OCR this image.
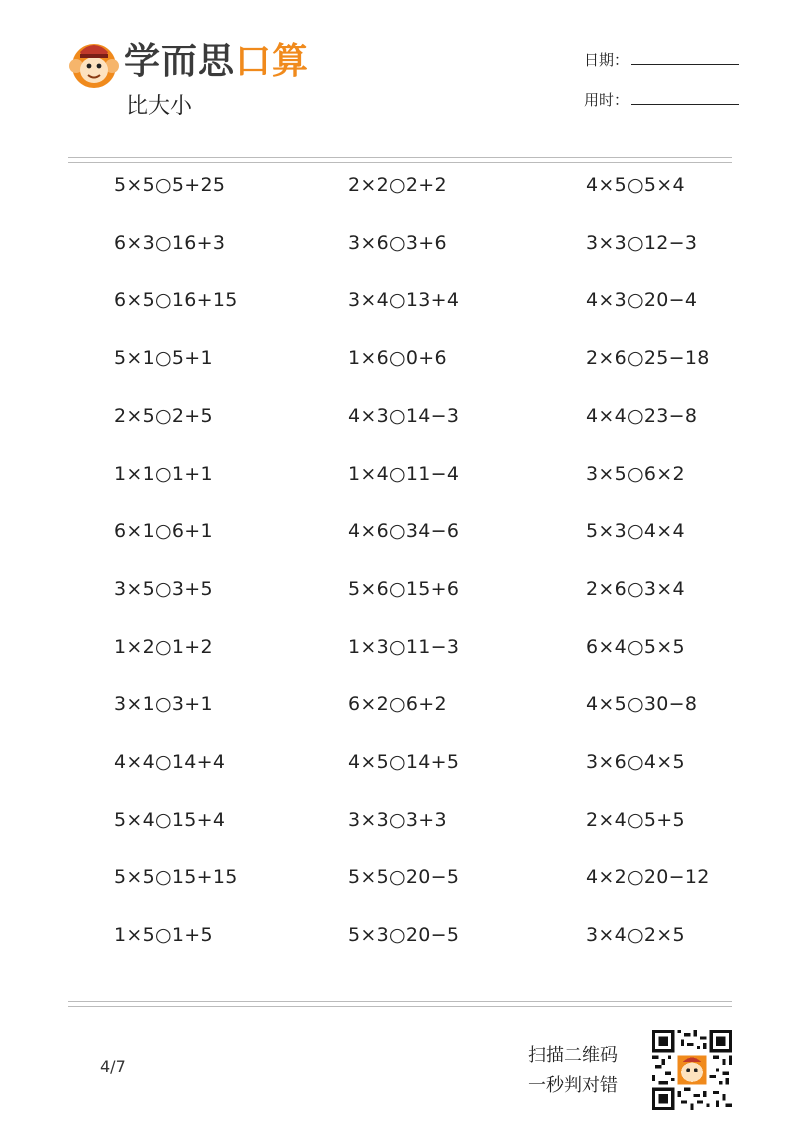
学而思口算
比大小
日期：
用时：
5×5○5+25	2×2○2+2	4×5○5×4
6×3○16+3	3×6○3+6	3×3○12−3
6×5○16+15	3×4○13+4	4×3○20−4
5×1○5+1	1×6○0+6	2×6○25−18
2×5○2+5	4×3○14−3	4×4○23−8
1×1○1+1	1×4○11−4	3×5○6×2
6×1○6+1	4×6○34−6	5×3○4×4
3×5○3+5	5×6○15+6	2×6○3×4
1×2○1+2	1×3○11−3	6×4○5×5
3×1○3+1	6×2○6+2	4×5○30−8
4×4○14+4	4×5○14+5	3×6○4×5
5×4○15+4	3×3○3+3	2×4○5+5
5×5○15+15	5×5○20−5	4×2○20−12
1×5○1+5	5×3○20−5	3×4○2×5
4/7
扫描二维码
一秒判对错
